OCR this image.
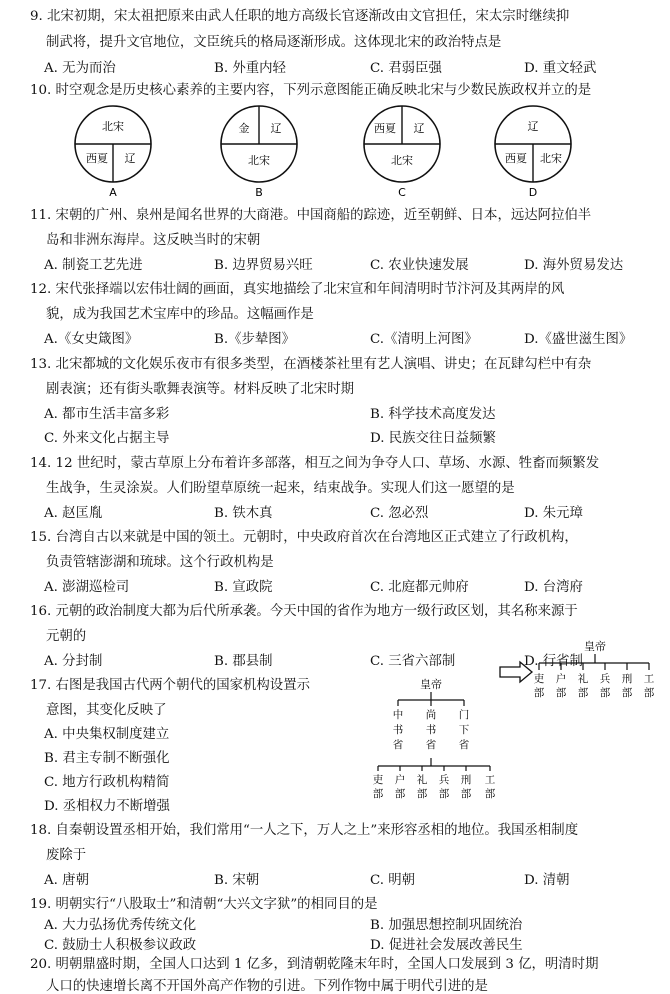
9. 北宋初期，宋太祖把原来由武人任职的地方高级长官逐渐改由文官担任，宋太宗时继续抑
制武将，提升文官地位，文臣统兵的格局逐渐形成。这体现北宋的政治特点是
A. 无为而治	B. 外重内轻	C. 君弱臣强	D. 重文轻武
10. 时空观念是历史核心素养的主要内容，下列示意图能正确反映北宋与少数民族政权并立的是
北宋
西夏 辽
A
金 辽
北宋
B
西夏 辽
北宋
C
辽
西夏 北宋
D
11. 宋朝的广州、泉州是闻名世界的大商港。中国商船的踪迹，近至朝鲜、日本，远达阿拉伯半
岛和非洲东海岸。这反映当时的宋朝
A. 制瓷工艺先进	B. 边界贸易兴旺	C. 农业快速发展	D. 海外贸易发达
12. 宋代张择端以宏伟壮阔的画面，真实地描绘了北宋宣和年间清明时节汴河及其两岸的风
貌，成为我国艺术宝库中的珍品。这幅画作是
A.《女史箴图》	B.《步辇图》	C.《清明上河图》	D.《盛世滋生图》
13. 北宋都城的文化娱乐夜市有很多类型，在酒楼茶社里有艺人演唱、讲史；在瓦肆勾栏中有杂
剧表演；还有街头歌舞表演等。材料反映了北宋时期
A. 都市生活丰富多彩	B. 科学技术高度发达
C. 外来文化占据主导	D. 民族交往日益频繁
14. 12 世纪时，蒙古草原上分布着许多部落，相互之间为争夺人口、草场、水源、牲畜而频繁发
生战争，生灵涂炭。人们盼望草原统一起来，结束战争。实现人们这一愿望的是
A. 赵匡胤	B. 铁木真	C. 忽必烈	D. 朱元璋
15. 台湾自古以来就是中国的领土。元朝时，中央政府首次在台湾地区正式建立了行政机构，
负责管辖澎湖和琉球。这个行政机构是
A. 澎湖巡检司	B. 宣政院	C. 北庭都元帅府	D. 台湾府
16. 元朝的政治制度大都为后代所承袭。今天中国的省作为地方一级行政区划，其名称来源于
元朝的
A. 分封制	B. 郡县制	C. 三省六部制	D. 行省制
17. 右图是我国古代两个朝代的国家机构设置示
意图，其变化反映了
A. 中央集权制度建立
B. 君主专制不断强化
C. 地方行政机构精简
D. 丞相权力不断增强
皇帝
皇帝
中
书
省
尚
书
省
门
下
省
吏
部
户
部
礼
部
兵
部
刑
部
工
部
吏
部
户
部
礼
部
兵
部
刑
部
工
部
18. 自秦朝设置丞相开始，我们常用“一人之下，万人之上”来形容丞相的地位。我国丞相制度
废除于
A. 唐朝	B. 宋朝	C. 明朝	D. 清朝
19. 明朝实行“八股取士”和清朝“大兴文字狱”的相同目的是
A. 大力弘扬优秀传统文化	B. 加强思想控制巩固统治
C. 鼓励士人积极参议政政	D. 促进社会发展改善民生
20. 明朝鼎盛时期，全国人口达到 1 亿多，到清朝乾隆末年时，全国人口发展到 3 亿，明清时期
人口的快速增长离不开国外高产作物的引进。下列作物中属于明代引进的是
